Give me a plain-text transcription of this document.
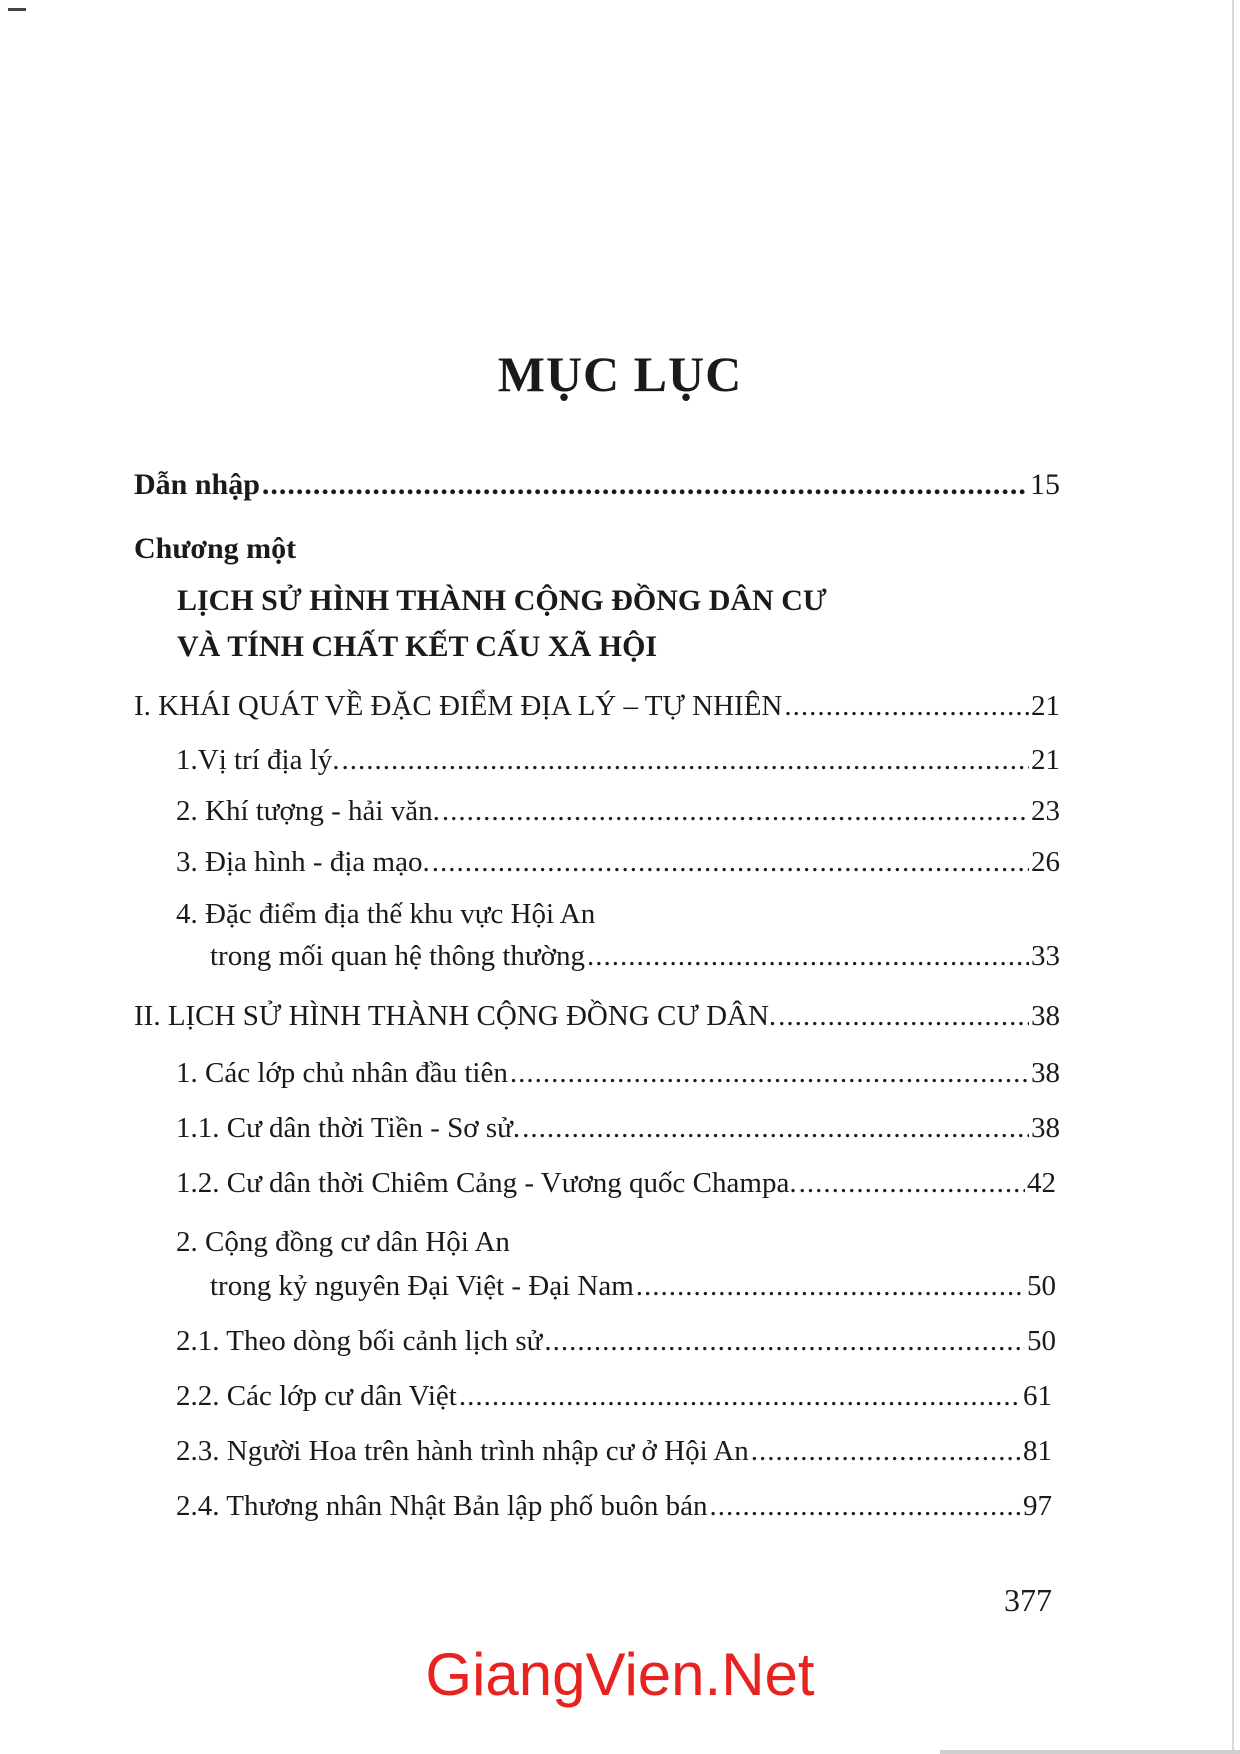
MỤC LỤC
Dẫn nhập .....	15
Chương một
LỊCH SỬ HÌNH THÀNH CỘNG ĐỒNG DÂN CƯ
VÀ TÍNH CHẤT KẾT CẤU XÃ HỘI
I. KHÁI QUÁT VỀ ĐẶC ĐIỂM ĐỊA LÝ – TỰ NHIÊN .....	21
1.Vị trí địa lý. .....	21
2. Khí tượng - hải văn. .....	23
3. Địa hình - địa mạo. .....	26
4. Đặc điểm địa thế khu vực Hội An
trong mối quan hệ thông thường .....	33
II. LỊCH SỬ HÌNH THÀNH CỘNG ĐỒNG CƯ DÂN. .....	38
1. Các lớp chủ nhân đầu tiên .....	38
1.1. Cư dân thời Tiền - Sơ sử. .....	38
1.2. Cư dân thời Chiêm Cảng - Vương quốc Champa. .....	42
2. Cộng đồng cư dân Hội An
trong kỷ nguyên Đại Việt - Đại Nam .....	50
2.1. Theo dòng bối cảnh lịch sử .....	50
2.2. Các lớp cư dân Việt .....	61
2.3. Người Hoa trên hành trình nhập cư ở Hội An .....	81
2.4. Thương nhân Nhật Bản lập phố buôn bán .....	97
377
GiangVien.Net
